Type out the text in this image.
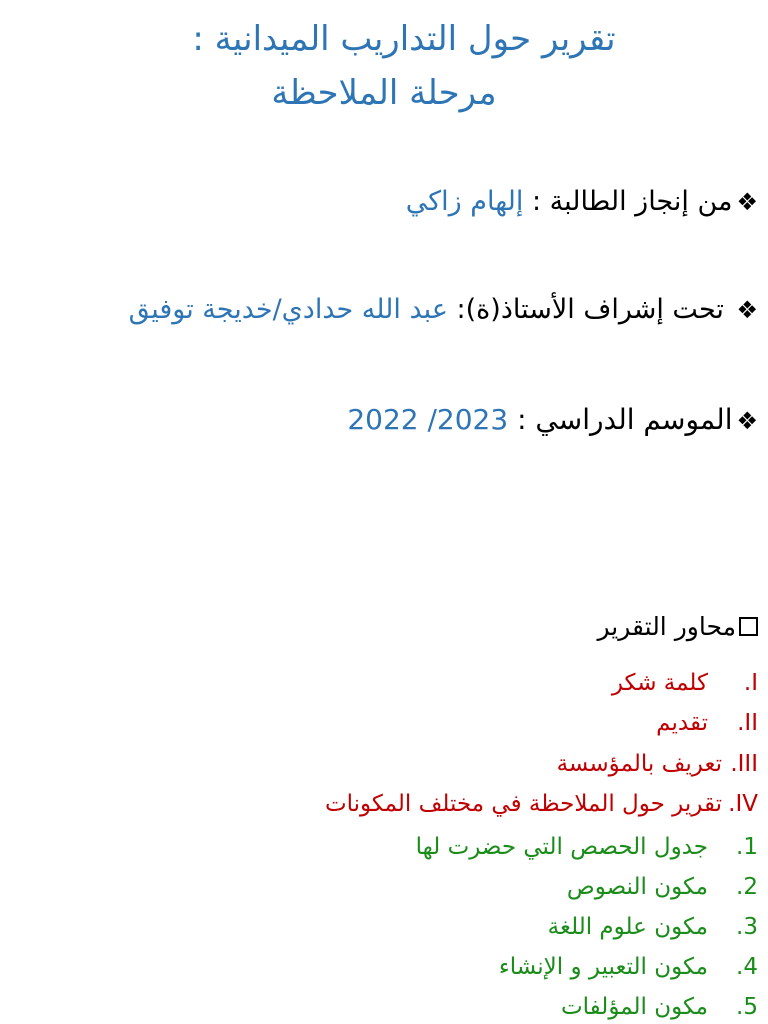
تقرير حول التداريب الميدانية :
مرحلة الملاحظة
❖من إنجاز الطالبة : إلهام زاكي
❖ تحت إشراف الأستاذ(ة): عبد الله حدادي/خديجة توفيق
❖الموسم الدراسي : 2022 /2023
محاور التقرير
I.كلمة شكر
II.تقديم
III.تعريف بالمؤسسة
IV.تقرير حول الملاحظة في مختلف المكونات
1.جدول الحصص التي حضرت لها
2.مكون النصوص
3.مكون علوم اللغة
4.مكون التعبير و الإنشاء
5.مكون المؤلفات
